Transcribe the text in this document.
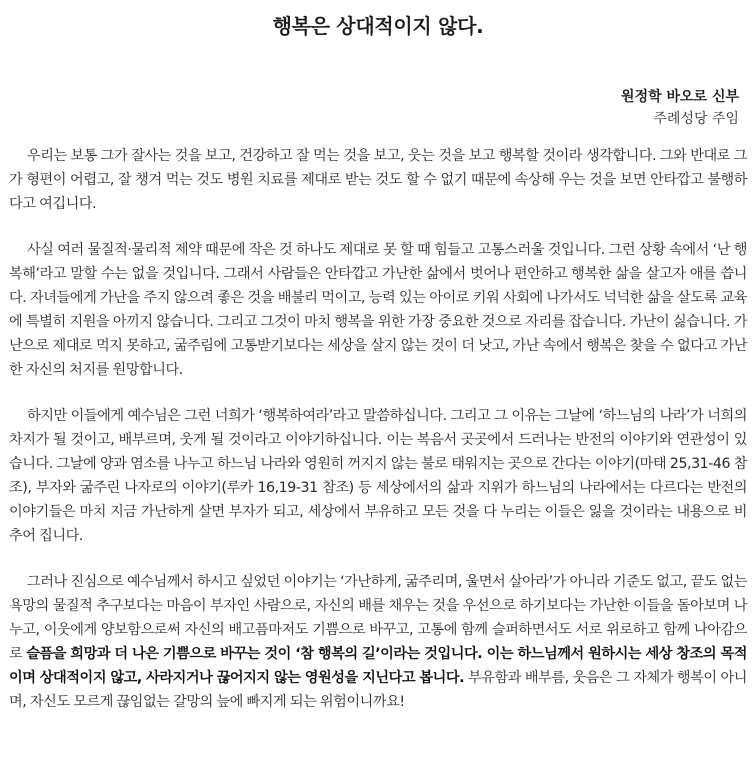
행복은 상대적이지 않다.
원정학 바오로 신부
주례성당 주임

우리는 보통 그가 잘사는 것을 보고, 건강하고 잘 먹는 것을 보고, 웃는 것을 보고 행복할 것이라 생각합니다. 그와 반대로 그가 형편이 어렵고, 잘 챙겨 먹는 것도 병원 치료를 제대로 받는 것도 할 수 없기 때문에 속상해 우는 것을 보면 안타깝고 불행하다고 여깁니다.

사실 여러 물질적·물리적 제약 때문에 작은 것 하나도 제대로 못 할 때 힘들고 고통스러울 것입니다. 그런 상황 속에서 ‘난 행복해’라고 말할 수는 없을 것입니다. 그래서 사람들은 안타깝고 가난한 삶에서 벗어나 편안하고 행복한 삶을 살고자 애를 씁니다. 자녀들에게 가난을 주지 않으려 좋은 것을 배불리 먹이고, 능력 있는 아이로 키워 사회에 나가서도 넉넉한 삶을 살도록 교육에 특별히 지원을 아끼지 않습니다. 그리고 그것이 마치 행복을 위한 가장 중요한 것으로 자리를 잡습니다. 가난이 싫습니다. 가난으로 제대로 먹지 못하고, 굶주림에 고통받기보다는 세상을 살지 않는 것이 더 낫고, 가난 속에서 행복은 찾을 수 없다고 가난한 자신의 처지를 원망합니다.

하지만 이들에게 예수님은 그런 너희가 ‘행복하여라’라고 말씀하십니다. 그리고 그 이유는 그날에 ‘하느님의 나라’가 너희의 차지가 될 것이고, 배부르며, 웃게 될 것이라고 이야기하십니다. 이는 복음서 곳곳에서 드러나는 반전의 이야기와 연관성이 있습니다. 그날에 양과 염소를 나누고 하느님 나라와 영원히 꺼지지 않는 불로 태워지는 곳으로 간다는 이야기(마태 25,31-46 참조), 부자와 굶주린 나자로의 이야기(루카 16,19-31 참조) 등 세상에서의 삶과 지위가 하느님의 나라에서는 다르다는 반전의 이야기들은 마치 지금 가난하게 살면 부자가 되고, 세상에서 부유하고 모든 것을 다 누리는 이들은 잃을 것이라는 내용으로 비추어 집니다.

그러나 진심으로 예수님께서 하시고 싶었던 이야기는 ‘가난하게, 굶주리며, 울면서 살아라’가 아니라 기준도 없고, 끝도 없는 욕망의 물질적 추구보다는 마음이 부자인 사람으로, 자신의 배를 채우는 것을 우선으로 하기보다는 가난한 이들을 돌아보며 나누고, 이웃에게 양보함으로써 자신의 배고픔마저도 기쁨으로 바꾸고, 고통에 함께 슬퍼하면서도 서로 위로하고 함께 나아감으로 슬픔을 희망과 더 나은 기쁨으로 바꾸는 것이 ‘참 행복의 길’이라는 것입니다. 이는 하느님께서 원하시는 세상 창조의 목적이며 상대적이지 않고, 사라지거나 끊어지지 않는 영원성을 지닌다고 봅니다. 부유함과 배부름, 웃음은 그 자체가 행복이 아니며, 자신도 모르게 끊임없는 갈망의 늪에 빠지게 되는 위험이니까요!
